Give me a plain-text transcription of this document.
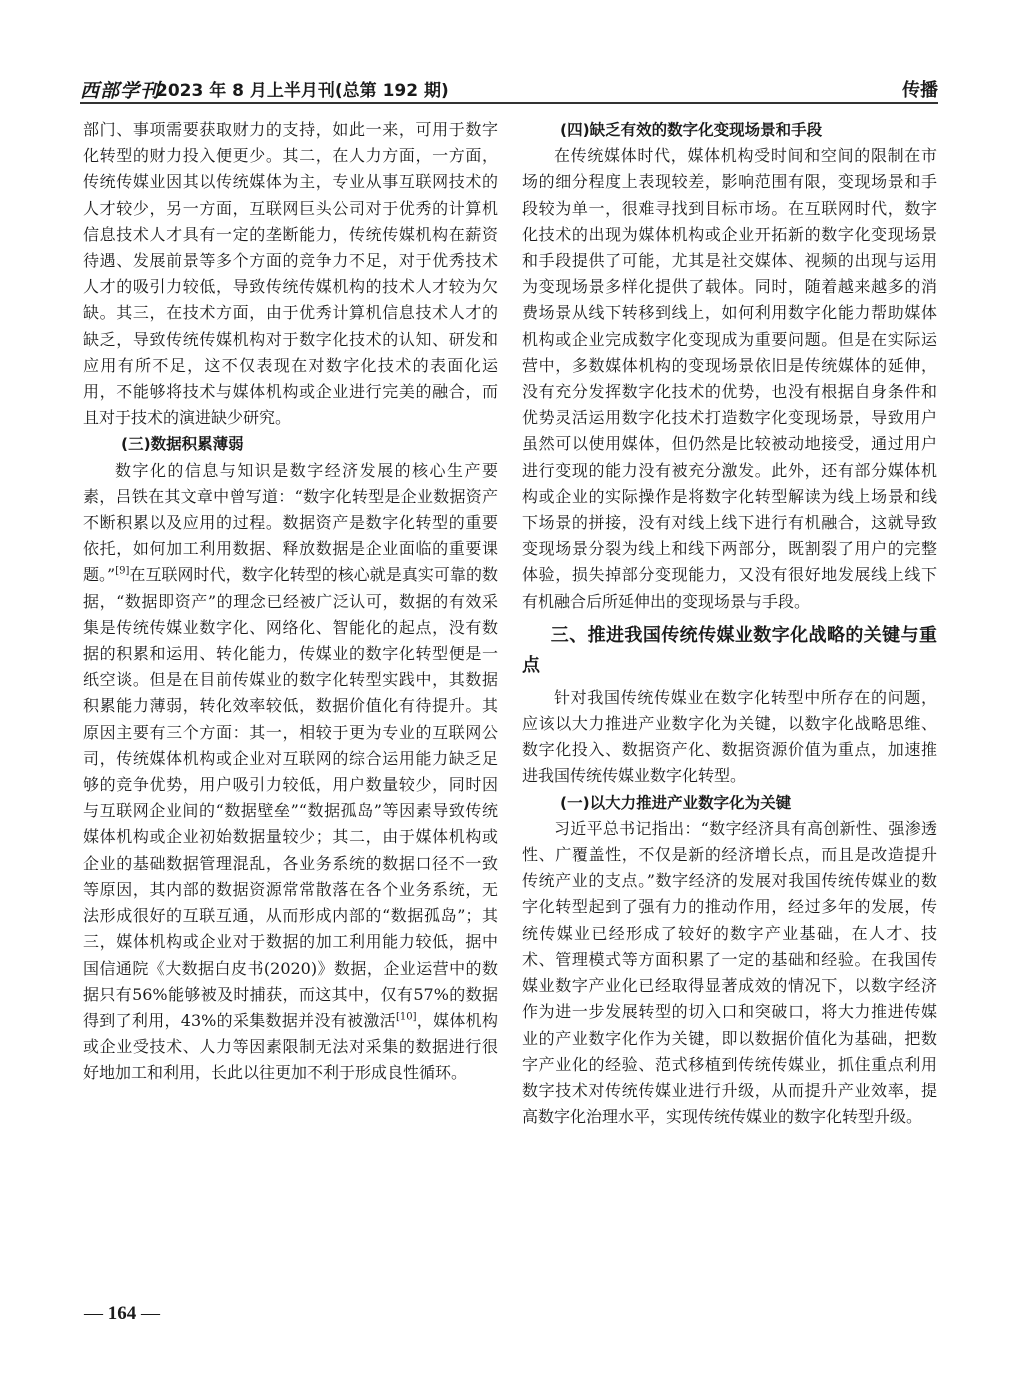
西部学刊
2023 年 8 月上半月刊(总第 192 期)	传播

部门、事项需要获取财力的支持，如此一来，可用于数字化转型的财力投入便更少。其二，在人力方面，一方面，传统传媒业因其以传统媒体为主，专业从事互联网技术的人才较少，另一方面，互联网巨头公司对于优秀的计算机信息技术人才具有一定的垄断能力，传统传媒机构在薪资待遇、发展前景等多个方面的竞争力不足，对于优秀技术人才的吸引力较低，导致传统传媒机构的技术人才较为欠缺。其三，在技术方面，由于优秀计算机信息技术人才的缺乏，导致传统传媒机构对于数字化技术的认知、研发和应用有所不足，这不仅表现在对数字化技术的表面化运用，不能够将技术与媒体机构或企业进行完美的融合，而且对于技术的演进缺少研究。

(三)数据积累薄弱

数字化的信息与知识是数字经济发展的核心生产要素，吕铁在其文章中曾写道：“数字化转型是企业数据资产不断积累以及应用的过程。数据资产是数字化转型的重要依托，如何加工利用数据、释放数据是企业面临的重要课题。”[9]在互联网时代，数字化转型的核心就是真实可靠的数据，“数据即资产”的理念已经被广泛认可，数据的有效采集是传统传媒业数字化、网络化、智能化的起点，没有数据的积累和运用、转化能力，传媒业的数字化转型便是一纸空谈。但是在目前传媒业的数字化转型实践中，其数据积累能力薄弱，转化效率较低，数据价值化有待提升。其原因主要有三个方面：其一，相较于更为专业的互联网公司，传统媒体机构或企业对互联网的综合运用能力缺乏足够的竞争优势，用户吸引力较低，用户数量较少，同时因与互联网企业间的“数据壁垒”“数据孤岛”等因素导致传统媒体机构或企业初始数据量较少；其二，由于媒体机构或企业的基础数据管理混乱，各业务系统的数据口径不一致等原因，其内部的数据资源常常散落在各个业务系统，无法形成很好的互联互通，从而形成内部的“数据孤岛”；其三，媒体机构或企业对于数据的加工利用能力较低，据中国信通院《大数据白皮书(2020)》数据，企业运营中的数据只有56%能够被及时捕获，而这其中，仅有57%的数据得到了利用，43%的采集数据并没有被激活[10]，媒体机构或企业受技术、人力等因素限制无法对采集的数据进行很好地加工和利用，长此以往更加不利于形成良性循环。

(四)缺乏有效的数字化变现场景和手段

在传统媒体时代，媒体机构受时间和空间的限制在市场的细分程度上表现较差，影响范围有限，变现场景和手段较为单一，很难寻找到目标市场。在互联网时代，数字化技术的出现为媒体机构或企业开拓新的数字化变现场景和手段提供了可能，尤其是社交媒体、视频的出现与运用为变现场景多样化提供了载体。同时，随着越来越多的消费场景从线下转移到线上，如何利用数字化能力帮助媒体机构或企业完成数字化变现成为重要问题。但是在实际运营中，多数媒体机构的变现场景依旧是传统媒体的延伸，没有充分发挥数字化技术的优势，也没有根据自身条件和优势灵活运用数字化技术打造数字化变现场景，导致用户虽然可以使用媒体，但仍然是比较被动地接受，通过用户进行变现的能力没有被充分激发。此外，还有部分媒体机构或企业的实际操作是将数字化转型解读为线上场景和线下场景的拼接，没有对线上线下进行有机融合，这就导致变现场景分裂为线上和线下两部分，既割裂了用户的完整体验，损失掉部分变现能力，又没有很好地发展线上线下有机融合后所延伸出的变现场景与手段。

三、推进我国传统传媒业数字化战略的关键与重点

针对我国传统传媒业在数字化转型中所存在的问题，应该以大力推进产业数字化为关键，以数字化战略思维、数字化投入、数据资产化、数据资源价值为重点，加速推进我国传统传媒业数字化转型。

(一)以大力推进产业数字化为关键

习近平总书记指出：“数字经济具有高创新性、强渗透性、广覆盖性，不仅是新的经济增长点，而且是改造提升传统产业的支点。”数字经济的发展对我国传统传媒业的数字化转型起到了强有力的推动作用，经过多年的发展，传统传媒业已经形成了较好的数字产业基础，在人才、技术、管理模式等方面积累了一定的基础和经验。在我国传媒业数字产业化已经取得显著成效的情况下，以数字经济作为进一步发展转型的切入口和突破口，将大力推进传媒业的产业数字化作为关键，即以数据价值化为基础，把数字产业化的经验、范式移植到传统传媒业，抓住重点利用数字技术对传统传媒业进行升级，从而提升产业效率，提高数字化治理水平，实现传统传媒业的数字化转型升级。

— 164 —
